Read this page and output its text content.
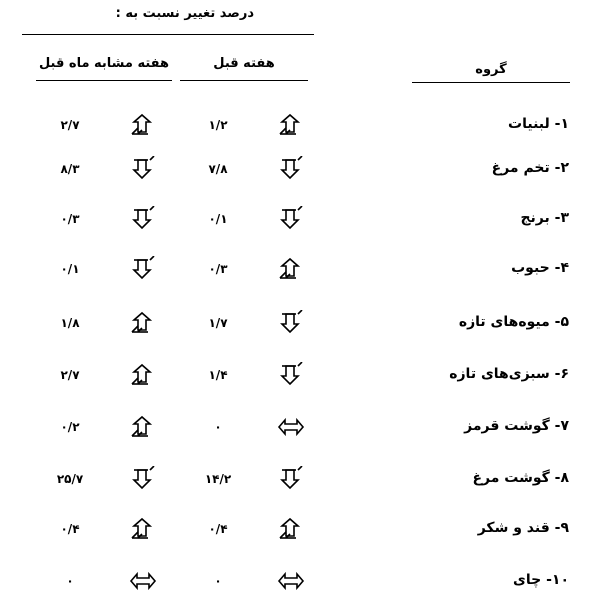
درصد تغییر نسبت به :
هفته مشابه ماه قبل	هفته قبل	گروه
۱- لبنیات
۱/۲
۲/۷
۲- تخم مرغ
۷/۸
۸/۳
۳- برنج
۰/۱
۰/۳
۴- حبوب
۰/۳
۰/۱
۵- میوه‌های تازه
۱/۷
۱/۸
۶- سبزی‌های تازه
۱/۴
۲/۷
۷- گوشت قرمز
۰
۰/۲
۸- گوشت مرغ
۱۴/۲
۲۵/۷
۹- قند و شکر
۰/۴
۰/۴
۱۰- چای
۰
۰
